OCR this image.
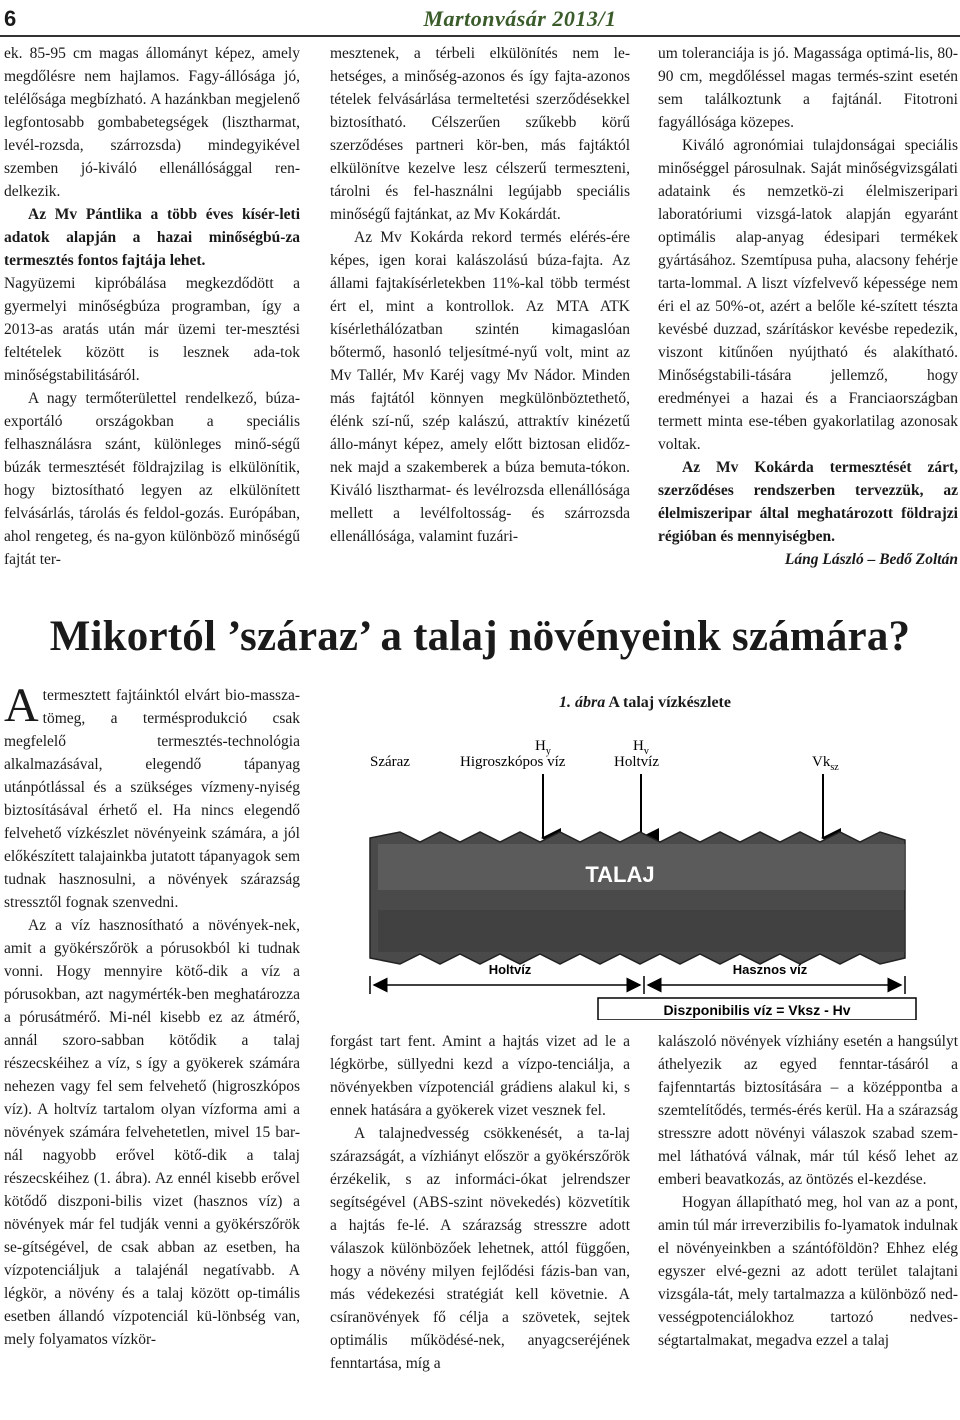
6	Martonvásár 2013/1

ek. 85-95 cm magas állományt képez, amely megdőlésre nem hajlamos. Fagy-állósága jó, telélősága megbízható. A hazánkban megjelenő legfontosabb gombabetegségek (lisztharmat, levél-rozsda, szárrozsda) mindegyikével szemben jó-kiváló ellenállósággal ren-delkezik.

Az Mv Pántlika a több éves kísér-leti adatok alapján a hazai minőségbú-za termesztés fontos fajtája lehet.

Nagyüzemi kipróbálása megkezdődött a gyermelyi minőségbúza programban, így a 2013-as aratás után már üzemi ter-mesztési feltételek között is lesznek ada-tok minőségstabilitásáról.

A nagy termőterülettel rendelkező, búza-exportáló országokban a speciális felhasználásra szánt, különleges minő-ségű búzák termesztését földrajzilag is elkülönítik, hogy biztosítható legyen az elkülönített felvásárlás, tárolás és feldol-gozás. Európában, ahol rengeteg, és na-gyon különböző minőségű fajtát ter-

mesztenek, a térbeli elkülönítés nem le-hetséges, a minőség-azonos és így fajta-azonos tételek felvásárlása termeltetési szerződésekkel biztosítható. Célszerűen szűkebb körű szerződéses partneri kör-ben, más fajtáktól elkülönítve kezelve lesz célszerű termeszteni, tárolni és fel-használni legújabb speciális minőségű fajtánkat, az Mv Kokárdát.

Az Mv Kokárda rekord termés elérés-ére képes, igen korai kalászolású búza-fajta. Az állami fajtakísérletekben 11%-kal több termést ért el, mint a kontrollok. Az MTA ATK kísérlethálózatban szintén kimagaslóan bőtermő, hasonló teljesítmé-nyű volt, mint az Mv Tallér, Mv Karéj vagy Mv Nádor. Minden más fajtától könnyen megkülönböztethető, élénk szí-nű, szép kalászú, attraktív kinézetű állo-mányt képez, amely előtt biztosan elidőz-nek majd a szakemberek a búza bemuta-tókon. Kiváló lisztharmat- és levélrozsda ellenállósága mellett a levélfoltosság- és szárrozsda ellenállósága, valamint fuzári-

um toleranciája is jó. Magassága optimá-lis, 80-90 cm, megdőléssel magas termés-szint esetén sem találkoztunk a fajtánál. Fitotroni fagyállósága közepes.

Kiváló agronómiai tulajdonságai speciális minőséggel párosulnak. Saját minőségvizsgálati adataink és nemzetkö-zi élelmiszeripari laboratóriumi vizsgá-latok alapján egyaránt optimális alap-anyag édesipari termékek gyártásához. Szemtípusa puha, alacsony fehérje tarta-lommal. A liszt vízfelvevő képessége nem éri el az 50%-ot, azért a belőle ké-szített tészta kevésbé duzzad, szárításkor kevésbe repedezik, viszont kitűnően nyújtható és alakítható. Minőségstabili-tására jellemző, hogy eredményei a hazai és a Franciaországban termett minta ese-tében gyakorlatilag azonosak voltak.

Az Mv Kokárda termesztését zárt, szerződéses rendszerben tervezzük, az élelmiszeripar által meghatározott földrajzi régióban és mennyiségben.

Láng László – Bedő Zoltán

Mikortól ’száraz’ a talaj növényeink számára?

Atermesztett fajtáinktól elvárt bio-massza-tömeg, a termésprodukció csak megfelelő termesztés-technológia alkalmazásával, elegendő tápanyag utánpótlással és a szükséges vízmeny-nyiség biztosításával érhető el. Ha nincs elegendő felvehető vízkészlet növényeink számára, a jól előkészített talajainkba jutatott tápanyagok sem tudnak hasznosulni, a növények szárazság stressztől fognak szenvedni.

Az a víz hasznosítható a növények-nek, amit a gyökérszőrök a pórusokból ki tudnak vonni. Hogy mennyire kötő-dik a víz a pórusokban, azt nagymérték-ben meghatározza a pórusátmérő. Mi-nél kisebb ez az átmérő, annál szoro-sabban kötődik a talaj részecskéihez a víz, s így a gyökerek számára nehezen vagy fel sem felvehető (higroszkópos víz). A holtvíz tartalom olyan vízforma ami a növények számára felvehetetlen, mivel 15 bar-nál nagyobb erővel kötő-dik a talaj részecskéihez (1. ábra). Az ennél kisebb erővel kötődő diszponi-bilis vizet (hasznos víz) a növények már fel tudják venni a gyökérszőrök se-gítségével, de csak abban az esetben, ha vízpotenciáljuk a talajénál negatívabb. A légkör, a növény és a talaj között op-timális esetben állandó vízpotenciál kü-lönbség van, mely folyamatos vízkör-

1. ábra A talaj vízkészlete
Száraz
$H_y$
Higroszkópos víz
$H_v$
Holtvíz	$Vk_{sz}$
TALAJ
Holtvíz	Hasznos víz
Diszponibilis víz = Vksz - Hv

forgást tart fent. Amint a hajtás vizet ad le a légkörbe, süllyedni kezd a vízpo-tenciálja, a növényekben vízpotenciál grádiens alakul ki, s ennek hatására a gyökerek vizet vesznek fel.

A talajnedvesség csökkenését, a ta-laj szárazságát, a vízhiányt először a gyökérszőrök érzékelik, s az informáci-ókat jelrendszer segítségével (ABS-szint növekedés) közvetítik a hajtás fe-lé. A szárazság stresszre adott válaszok különbözőek lehetnek, attól függően, hogy a növény milyen fejlődési fázis-ban van, más védekezési stratégiát kell követnie. A csíranövények fő célja a szövetek, sejtek optimális működésé-nek, anyagcseréjének fenntartása, míg a

kalászoló növények vízhiány esetén a hangsúlyt áthelyezik az egyed fenntar-tásáról a fajfenntartás biztosítására – a középpontba a szemtelítődés, termés-érés kerül. Ha a szárazság stresszre adott növényi válaszok szabad szem-mel láthatóvá válnak, már túl késő lehet az emberi beavatkozás, az öntözés el-kezdése.

Hogyan állapítható meg, hol van az a pont, amin túl már irreverzibilis fo-lyamatok indulnak el növényeinkben a szántóföldön? Ehhez elég egyszer elvé-gezni az adott terület talajtani vizsgála-tát, mely tartalmazza a különböző ned-vességpotenciálokhoz tartozó nedves-ségtartalmakat, megadva ezzel a talaj
